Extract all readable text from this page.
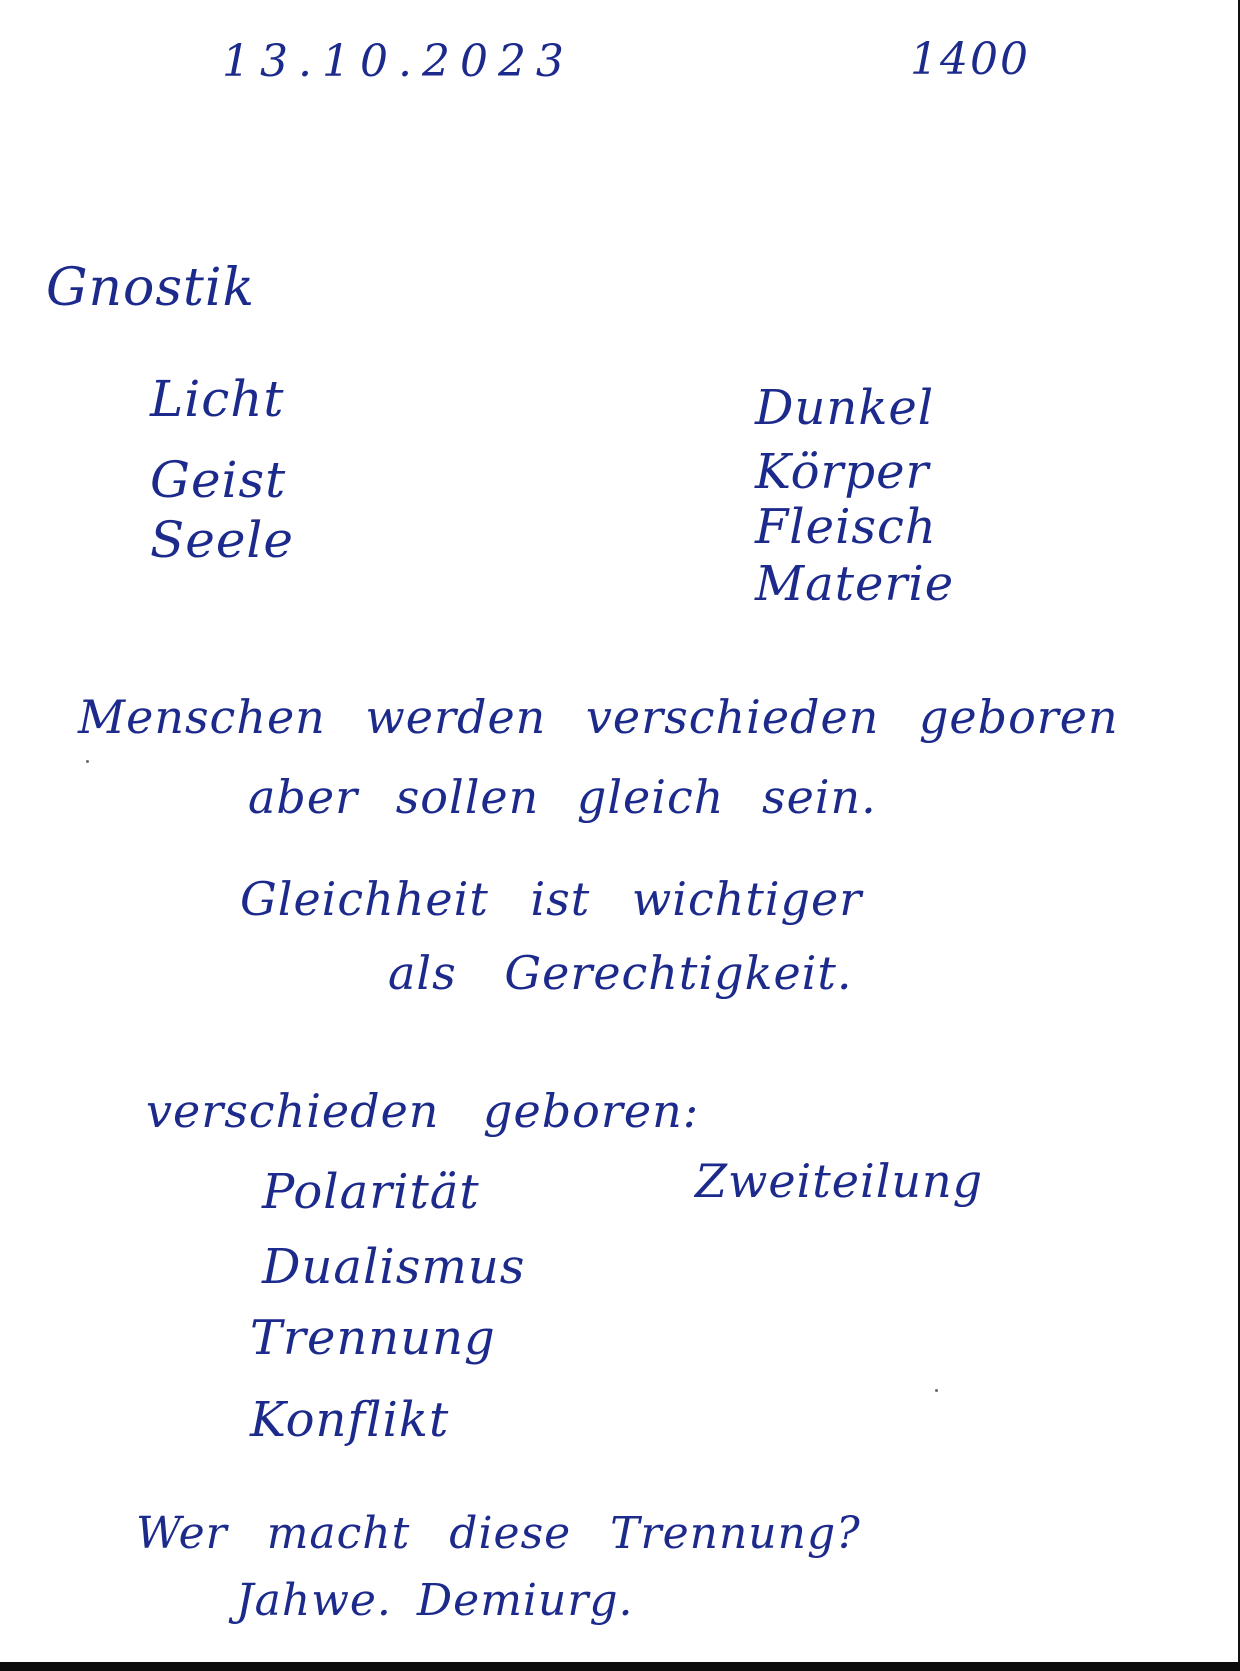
13.10.2023	1400
Gnostik
Licht
Geist
Seele
Dunkel
Körper
Fleisch
Materie
Menschen werden verschieden geboren
aber sollen gleich sein.
Gleichheit ist wichtiger
als Gerechtigkeit.
verschieden geboren:
Polarität
Dualismus
Trennung
Konflikt
Zweiteilung
Wer macht diese Trennung?
Jahwe. Demiurg.
